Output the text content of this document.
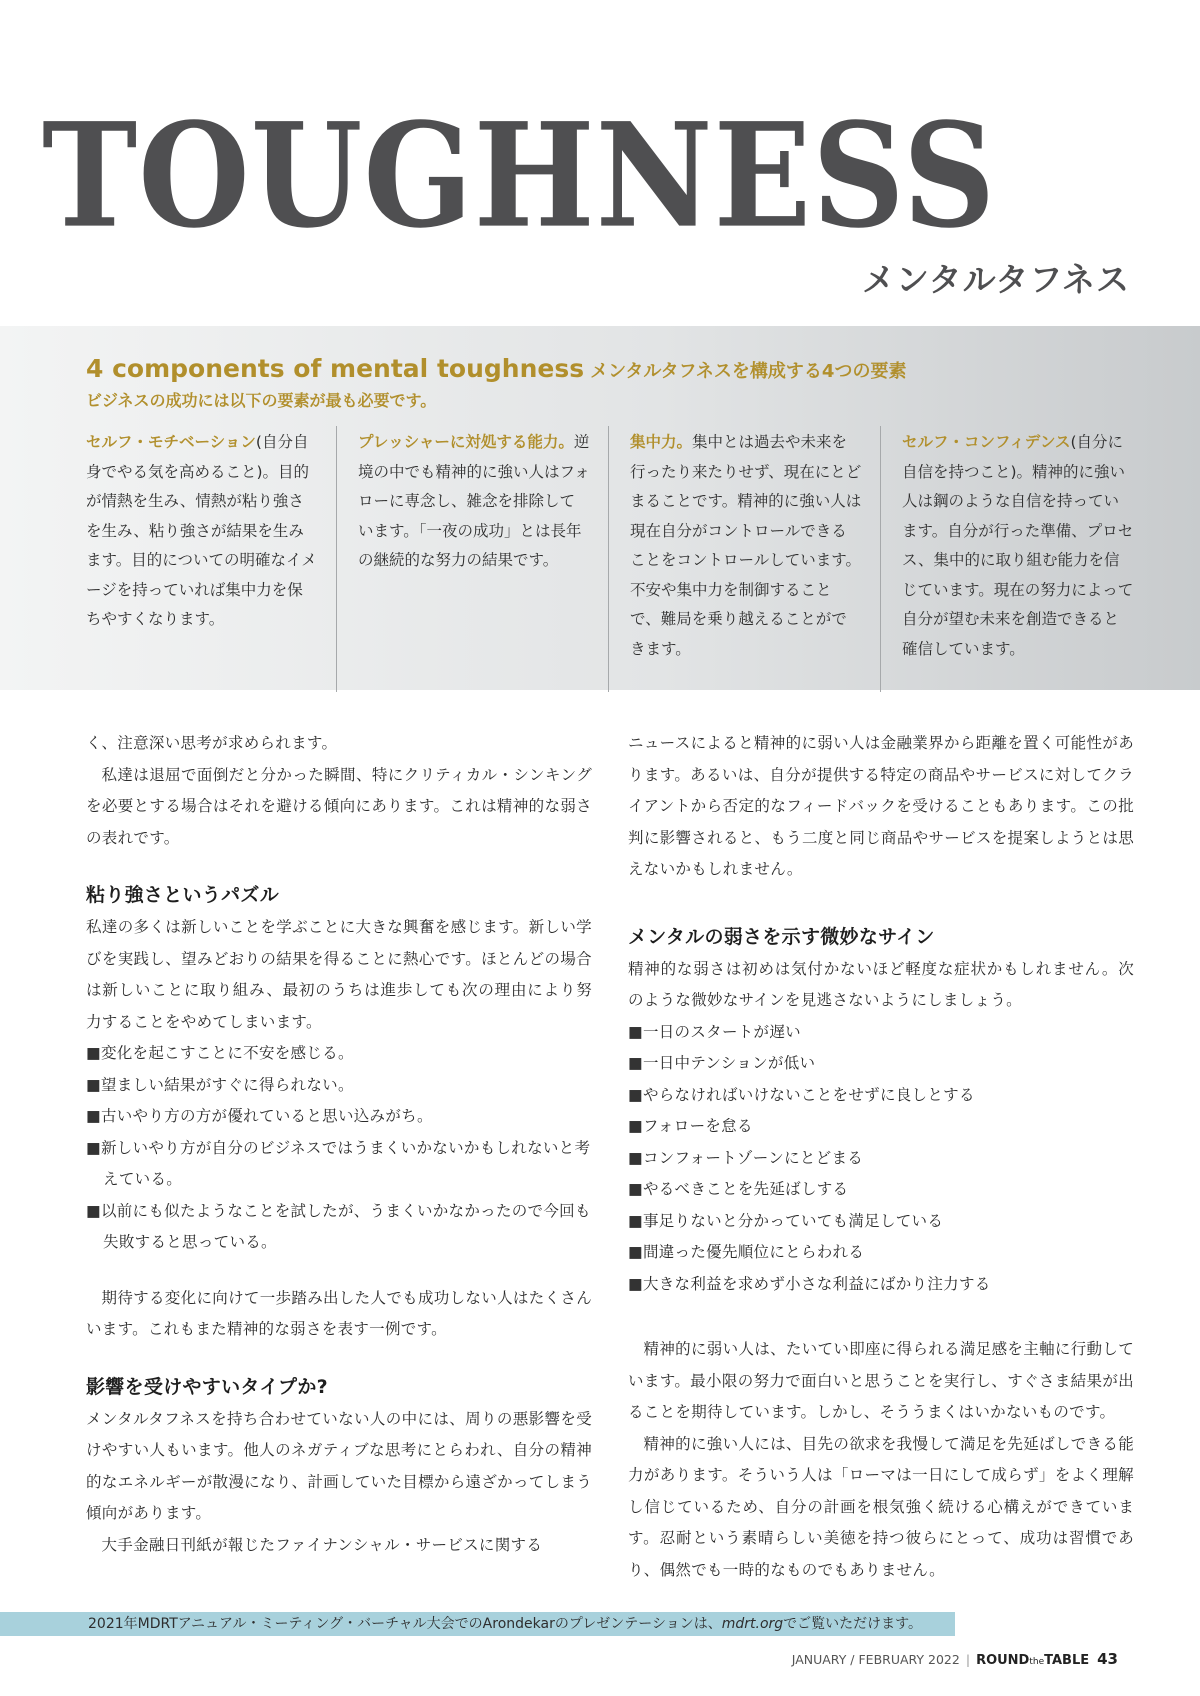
TOUGHNESS
メンタルタフネス
4 components of mental toughness メンタルタフネスを構成する4つの要素
ビジネスの成功には以下の要素が最も必要です。
セルフ・モチベーション(自分自身でやる気を高めること)。目的が情熱を生み、情熱が粘り強さを生み、粘り強さが結果を生みます。目的についての明確なイメージを持っていれば集中力を保ちやすくなります。
プレッシャーに対処する能力。逆境の中でも精神的に強い人はフォローに専念し、雑念を排除しています。「一夜の成功」とは長年の継続的な努力の結果です。
集中力。集中とは過去や未来を行ったり来たりせず、現在にとどまることです。精神的に強い人は現在自分がコントロールできることをコントロールしています。不安や集中力を制御することで、難局を乗り越えることができます。
セルフ・コンフィデンス(自分に自信を持つこと)。精神的に強い人は鋼のような自信を持っています。自分が行った準備、プロセス、集中的に取り組む能力を信じています。現在の努力によって自分が望む未来を創造できると確信しています。

く、注意深い思考が求められます。

私達は退屈で面倒だと分かった瞬間、特にクリティカル・シンキングを必要とする場合はそれを避ける傾向にあります。これは精神的な弱さの表れです。

粘り強さというパズル

私達の多くは新しいことを学ぶことに大きな興奮を感じます。新しい学びを実践し、望みどおりの結果を得ることに熱心です。ほとんどの場合は新しいことに取り組み、最初のうちは進歩しても次の理由により努力することをやめてしまいます。

■ 変化を起こすことに不安を感じる。
■ 望ましい結果がすぐに得られない。
■ 古いやり方の方が優れていると思い込みがち。
■ 新しいやり方が自分のビジネスではうまくいかないかもしれないと考えている。
■ 以前にも似たようなことを試したが、うまくいかなかったので今回も失敗すると思っている。

期待する変化に向けて一歩踏み出した人でも成功しない人はたくさんいます。これもまた精神的な弱さを表す一例です。

影響を受けやすいタイプか?

メンタルタフネスを持ち合わせていない人の中には、周りの悪影響を受けやすい人もいます。他人のネガティブな思考にとらわれ、自分の精神的なエネルギーが散漫になり、計画していた目標から遠ざかってしまう傾向があります。

大手金融日刊紙が報じたファイナンシャル・サービスに関する

ニュースによると精神的に弱い人は金融業界から距離を置く可能性があります。あるいは、自分が提供する特定の商品やサービスに対してクライアントから否定的なフィードバックを受けることもあります。この批判に影響されると、もう二度と同じ商品やサービスを提案しようとは思えないかもしれません。

メンタルの弱さを示す微妙なサイン

精神的な弱さは初めは気付かないほど軽度な症状かもしれません。次のような微妙なサインを見逃さないようにしましょう。

■ 一日のスタートが遅い
■ 一日中テンションが低い
■ やらなければいけないことをせずに良しとする
■ フォローを怠る
■ コンフォートゾーンにとどまる
■ やるべきことを先延ばしする
■ 事足りないと分かっていても満足している
■ 間違った優先順位にとらわれる
■ 大きな利益を求めず小さな利益にばかり注力する

精神的に弱い人は、たいてい即座に得られる満足感を主軸に行動しています。最小限の努力で面白いと思うことを実行し、すぐさま結果が出ることを期待しています。しかし、そううまくはいかないものです。

精神的に強い人には、目先の欲求を我慢して満足を先延ばしできる能力があります。そういう人は「ローマは一日にして成らず」をよく理解し信じているため、自分の計画を根気強く続ける心構えができています。忍耐という素晴らしい美徳を持つ彼らにとって、成功は習慣であり、偶然でも一時的なものでもありません。

2021年MDRTアニュアル・ミーティング・バーチャル大会でのArondekarのプレゼンテーションは、mdrt.orgでご覧いただけます。
JANUARY / FEBRUARY 2022 | ROUNDtheTABLE 43
